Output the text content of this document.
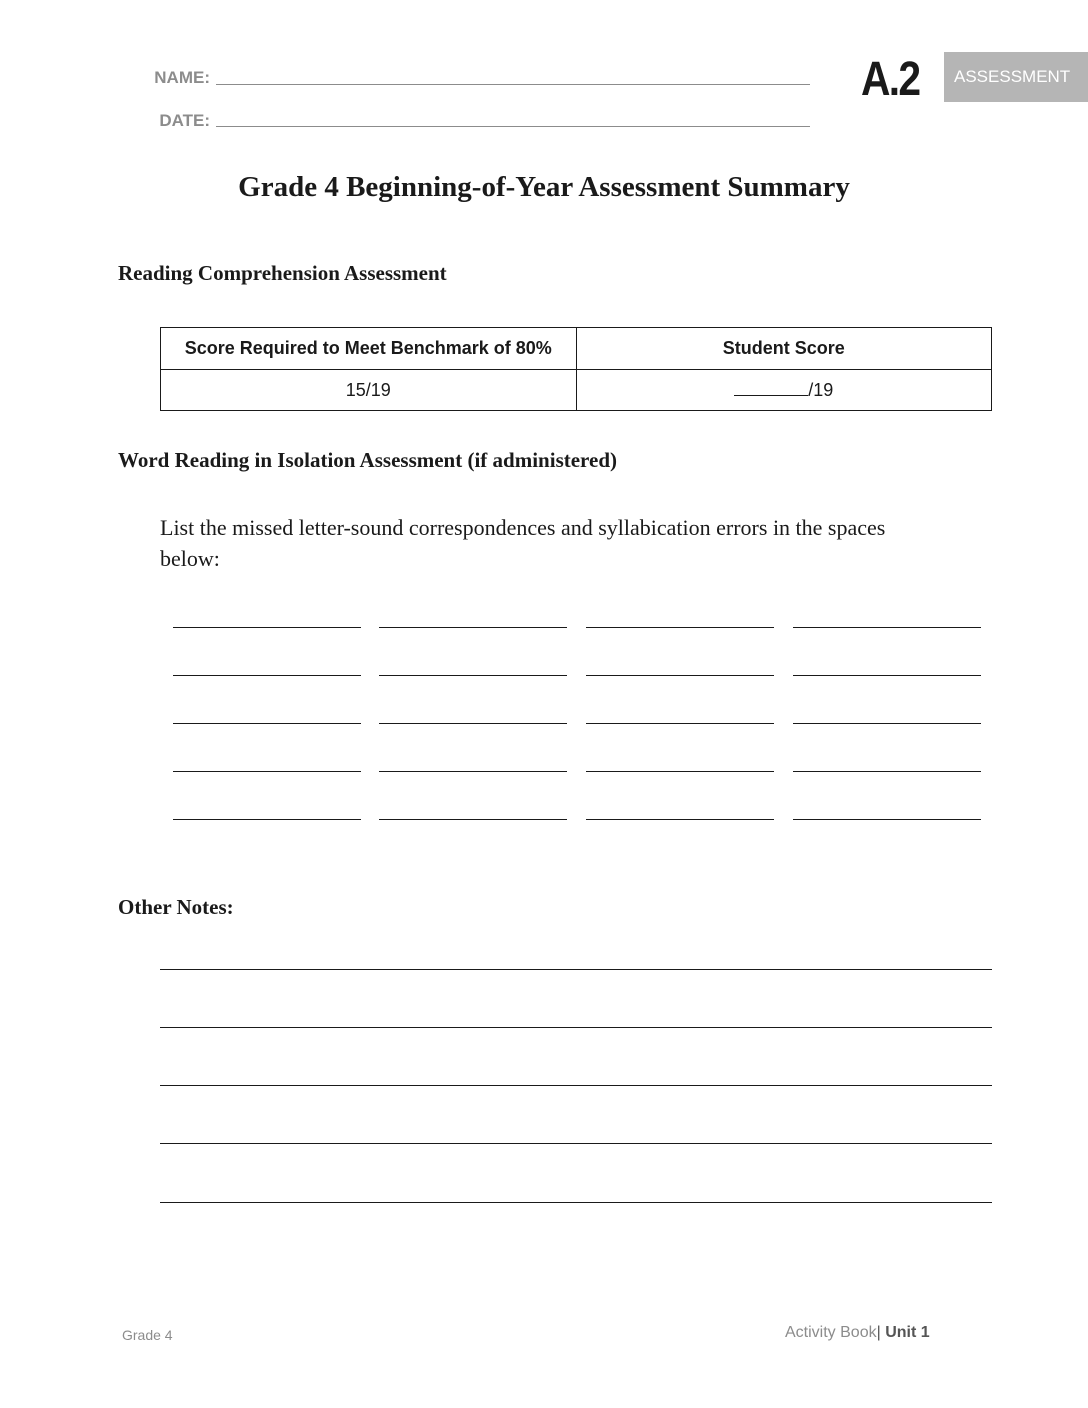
NAME:
DATE:
A.2	ASSESSMENT
Grade 4 Beginning-of-Year Assessment Summary
Reading Comprehension Assessment
Score Required to Meet Benchmark of 80%	Student Score
15/19	/19
Word Reading in Isolation Assessment (if administered)
List the missed letter-sound correspondences and syllabication errors in the spaces below:
Other Notes:
Grade 4	Activity Book| Unit 1
